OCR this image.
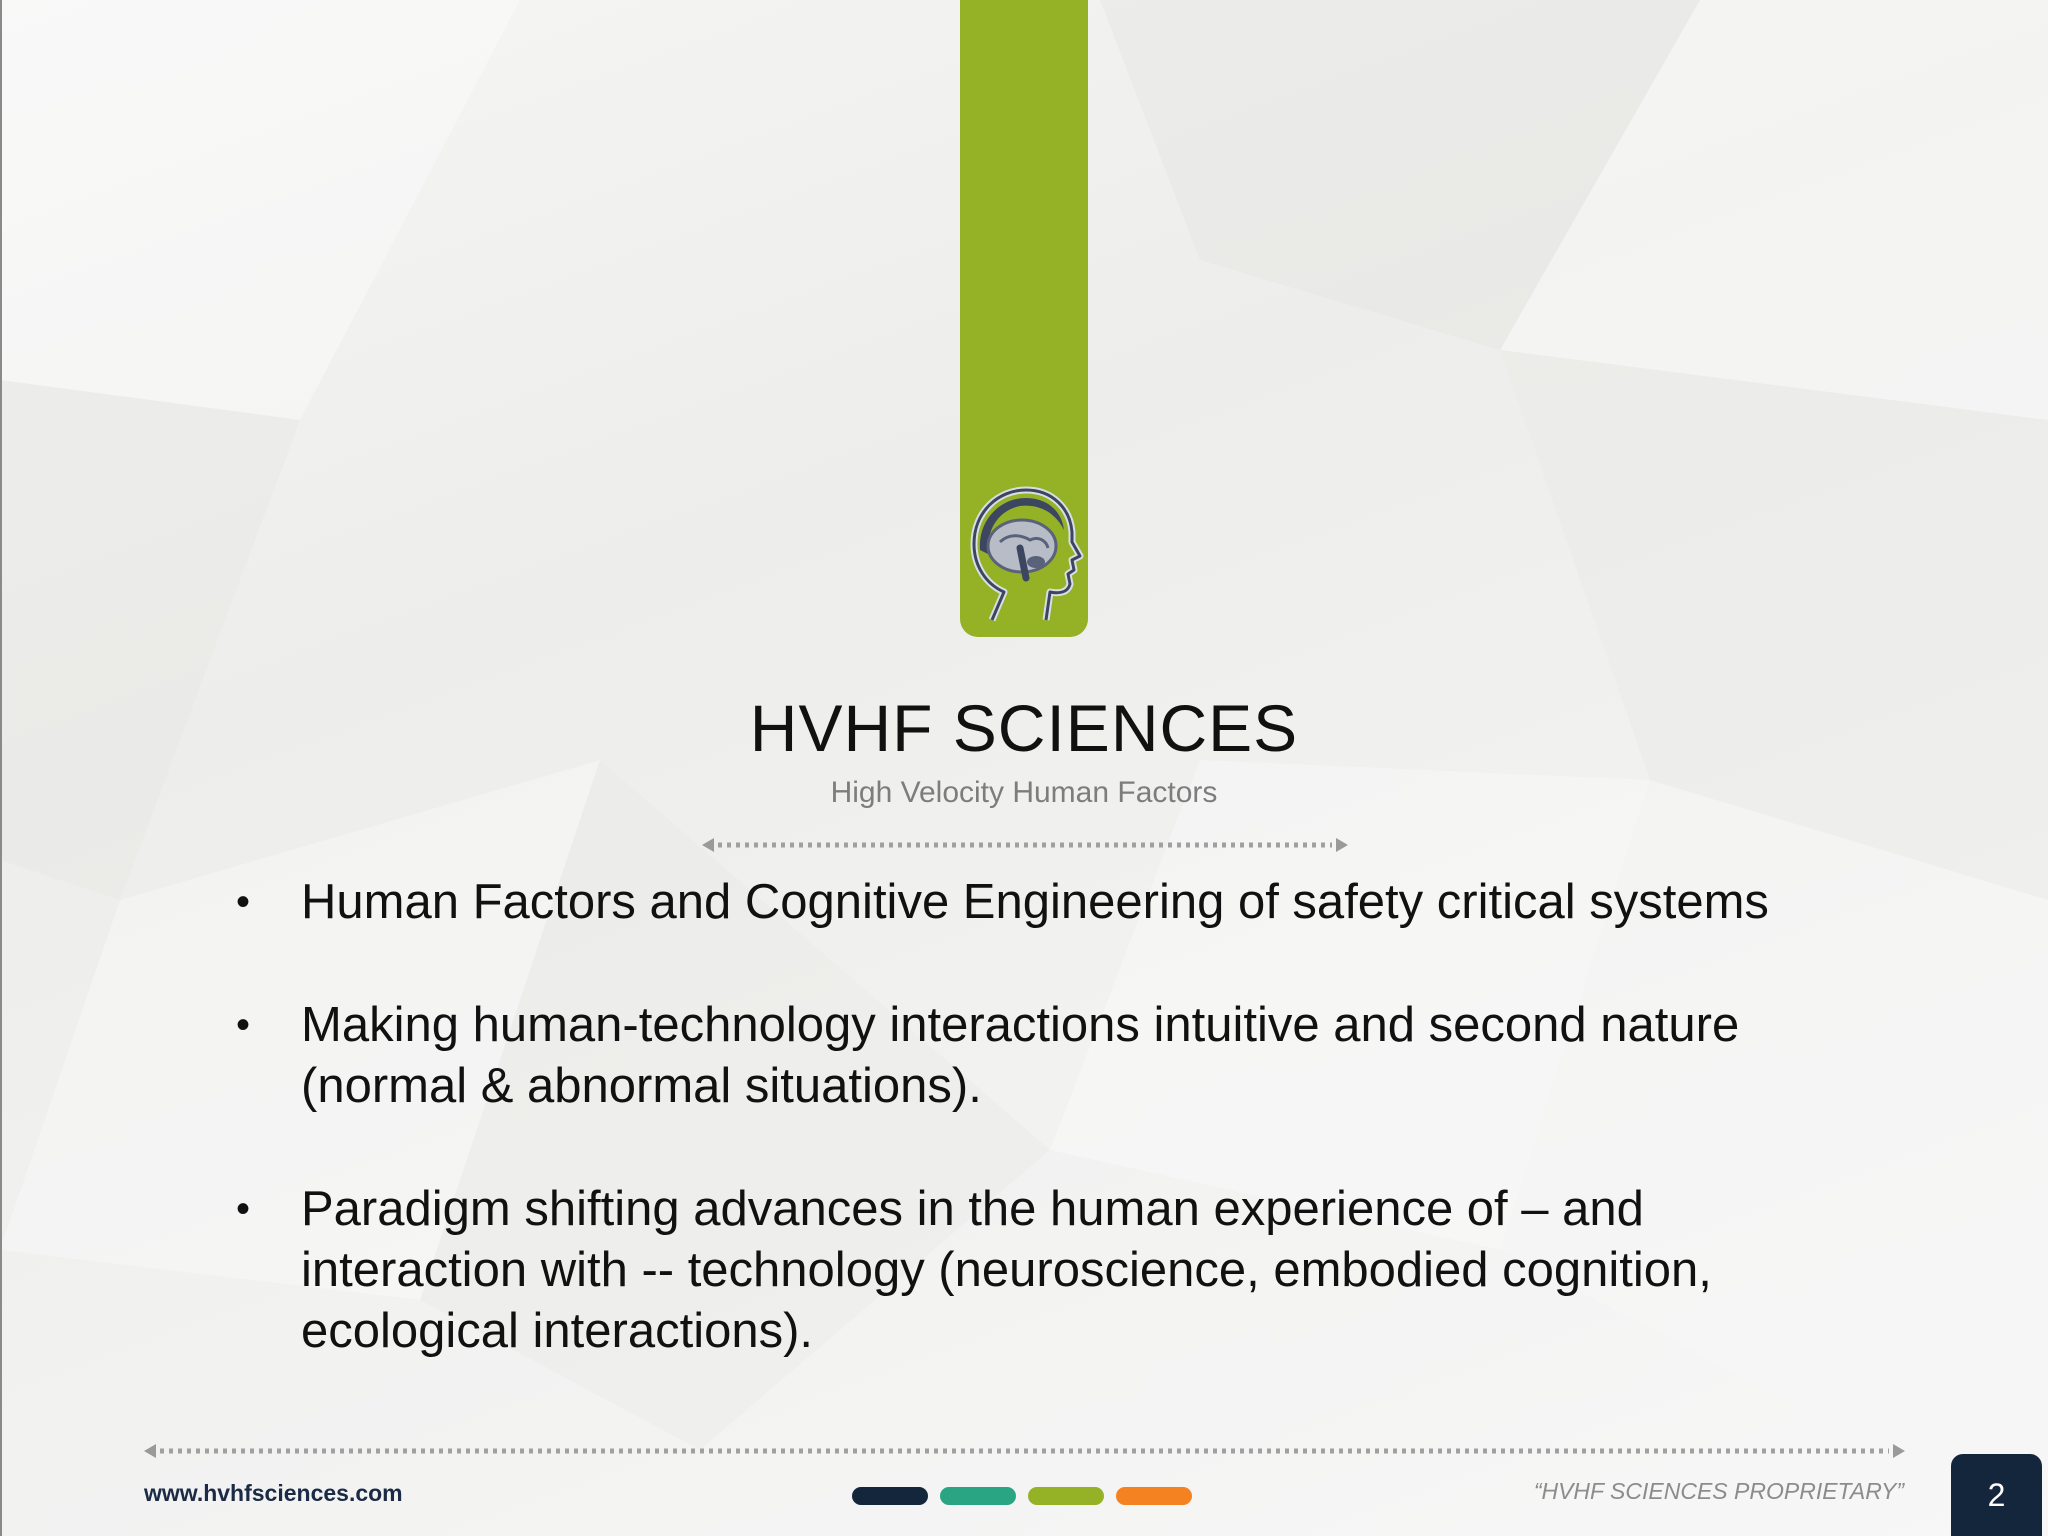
HVHF SCIENCES
High Velocity Human Factors
• Human Factors and Cognitive Engineering of safety critical systems
• Making human-technology interactions intuitive and second nature (normal & abnormal situations).
• Paradigm shifting advances in the human experience of – and interaction with -- technology (neuroscience, embodied cognition, ecological interactions).
www.hvhfsciences.com	“HVHF SCIENCES PROPRIETARY”	2
